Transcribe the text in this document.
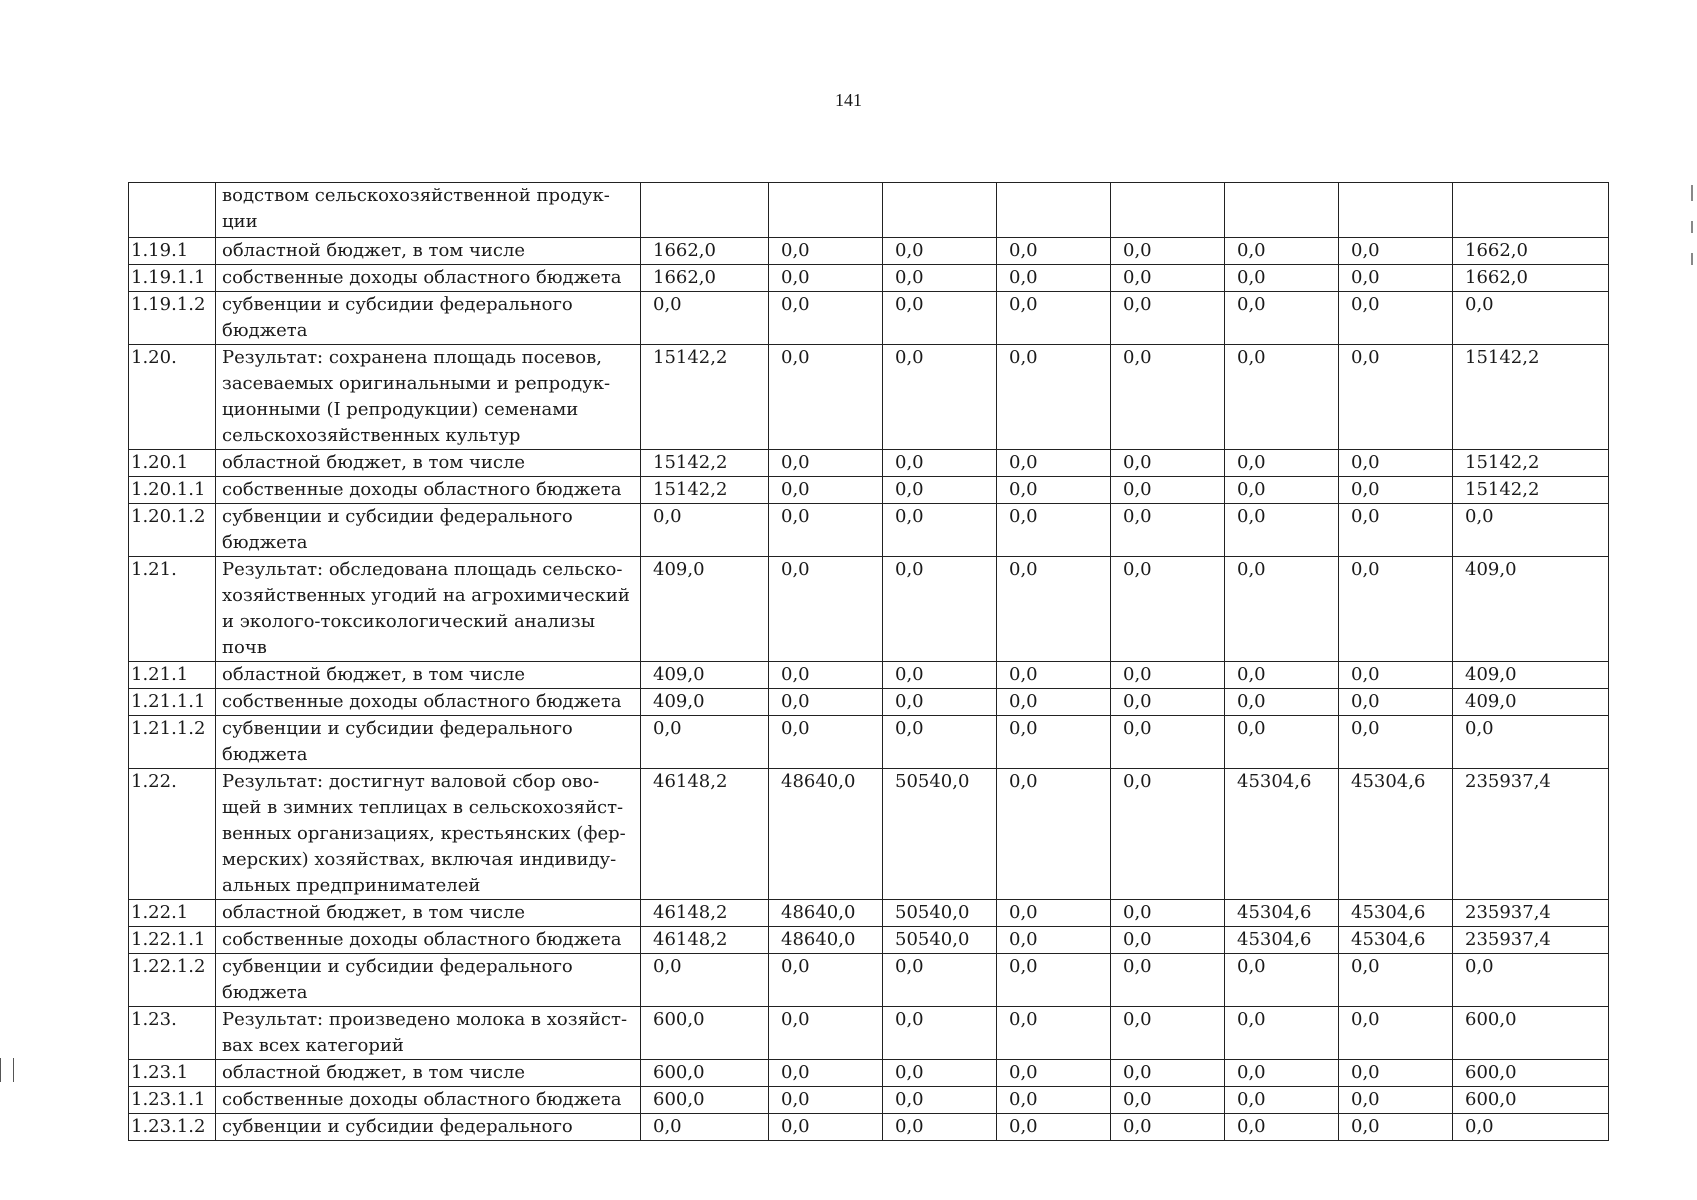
141
	водством сельскохозяйственной продук-ции								
1.19.1	областной бюджет, в том числе	1662,0	0,0	0,0	0,0	0,0	0,0	0,0	1662,0
1.19.1.1	собственные доходы областного бюджета	1662,0	0,0	0,0	0,0	0,0	0,0	0,0	1662,0
1.19.1.2	субвенции и субсидии федерального бюджета	0,0	0,0	0,0	0,0	0,0	0,0	0,0	0,0
1.20.	Результат: сохранена площадь посевов, засеваемых оригинальными и репродук-ционными (I репродукции) семенами сельскохозяйственных культур	15142,2	0,0	0,0	0,0	0,0	0,0	0,0	15142,2
1.20.1	областной бюджет, в том числе	15142,2	0,0	0,0	0,0	0,0	0,0	0,0	15142,2
1.20.1.1	собственные доходы областного бюджета	15142,2	0,0	0,0	0,0	0,0	0,0	0,0	15142,2
1.20.1.2	субвенции и субсидии федерального бюджета	0,0	0,0	0,0	0,0	0,0	0,0	0,0	0,0
1.21.	Результат: обследована площадь сельско-хозяйственных угодий на агрохимический и эколого-токсикологический анализы почв	409,0	0,0	0,0	0,0	0,0	0,0	0,0	409,0
1.21.1	областной бюджет, в том числе	409,0	0,0	0,0	0,0	0,0	0,0	0,0	409,0
1.21.1.1	собственные доходы областного бюджета	409,0	0,0	0,0	0,0	0,0	0,0	0,0	409,0
1.21.1.2	субвенции и субсидии федерального бюджета	0,0	0,0	0,0	0,0	0,0	0,0	0,0	0,0
1.22.	Результат: достигнут валовой сбор ово-щей в зимних теплицах в сельскохозяйст-венных организациях, крестьянских (фер-мерских) хозяйствах, включая индивиду-альных предпринимателей	46148,2	48640,0	50540,0	0,0	0,0	45304,6	45304,6	235937,4
1.22.1	областной бюджет, в том числе	46148,2	48640,0	50540,0	0,0	0,0	45304,6	45304,6	235937,4
1.22.1.1	собственные доходы областного бюджета	46148,2	48640,0	50540,0	0,0	0,0	45304,6	45304,6	235937,4
1.22.1.2	субвенции и субсидии федерального бюджета	0,0	0,0	0,0	0,0	0,0	0,0	0,0	0,0
1.23.	Результат: произведено молока в хозяйст-вах всех категорий	600,0	0,0	0,0	0,0	0,0	0,0	0,0	600,0
1.23.1	областной бюджет, в том числе	600,0	0,0	0,0	0,0	0,0	0,0	0,0	600,0
1.23.1.1	собственные доходы областного бюджета	600,0	0,0	0,0	0,0	0,0	0,0	0,0	600,0
1.23.1.2	субвенции и субсидии федерального	0,0	0,0	0,0	0,0	0,0	0,0	0,0	0,0
